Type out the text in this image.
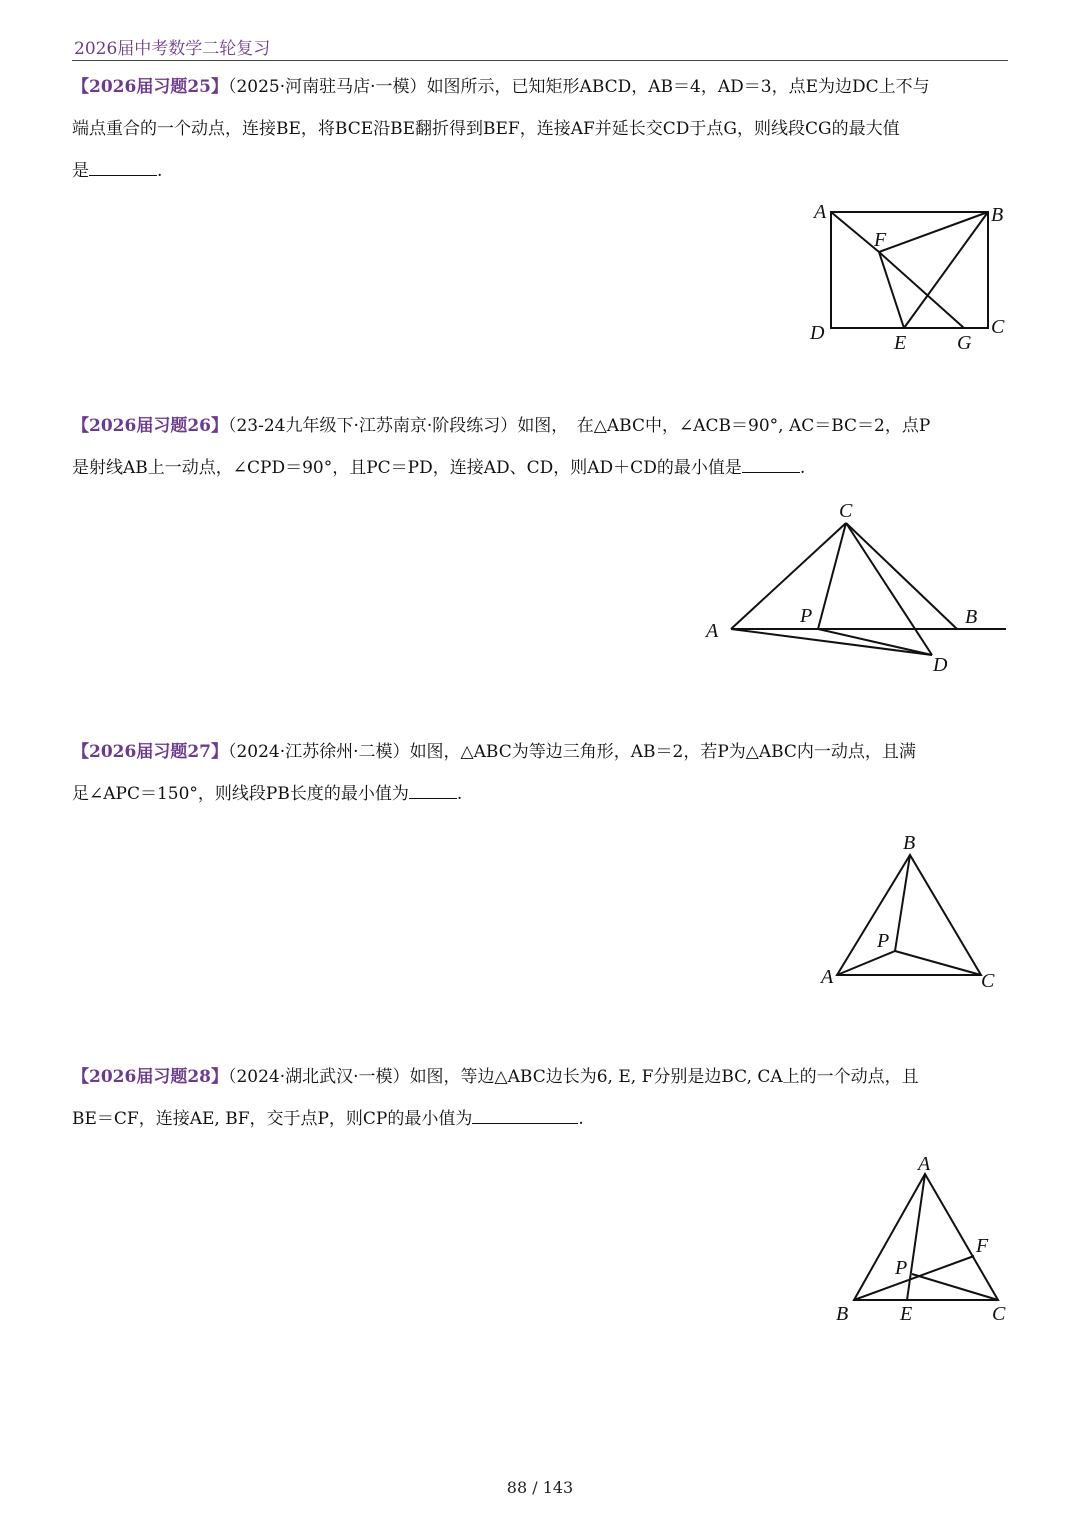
2026届中考数学二轮复习
【2026届习题25】（2025·河南驻马店·一模）如图所示，已知矩形ABCD，AB＝4，AD＝3，点E为边DC上不与
端点重合的一个动点，连接BE，将BCE沿BE翻折得到BEF，连接AF并延长交CD于点G，则线段CG的最大值
是	.
A	B
C
D	E
F
G
【2026届习题26】（23-24九年级下·江苏南京·阶段练习）如图，　在△ABC中，∠ACB＝90°, AC＝BC＝2，点P
是射线AB上一动点，∠CPD＝90°，且PC＝PD，连接AD、CD，则AD＋CD的最小值是	.
C
A
P	B
D
【2026届习题27】（2024·江苏徐州·二模）如图，△ABC为等边三角形，AB＝2，若P为△ABC内一动点，且满
足∠APC＝150°，则线段PB长度的最小值为	.
B
P
A	C
【2026届习题28】（2024·湖北武汉·一模）如图，等边△ABC边长为6, E, F分别是边BC, CA上的一个动点，且
BE＝CF，连接AE, BF，交于点P，则CP的最小值为	.
A
F
P
B	E	C
88 / 143
